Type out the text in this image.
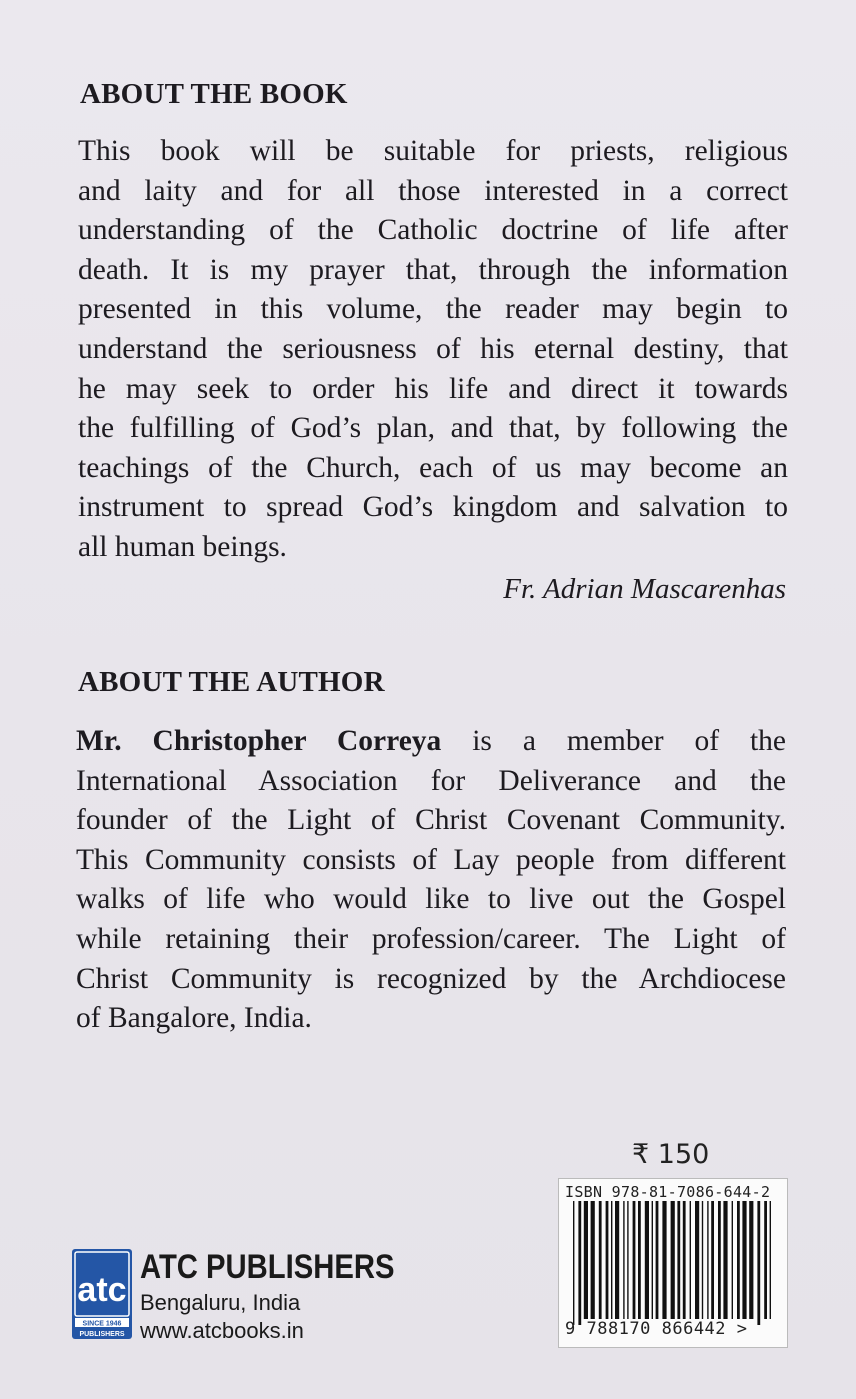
ABOUT THE BOOK
This book will be suitable for priests, religious
and laity and for all those interested in a correct
understanding of the Catholic doctrine of life after
death. It is my prayer that, through the information
presented in this volume, the reader may begin to
understand the seriousness of his eternal destiny, that
he may seek to order his life and direct it towards
the fulfilling of God’s plan, and that, by following the
teachings of the Church, each of us may become an
instrument to spread God’s kingdom and salvation to
all human beings.

Fr. Adrian Mascarenhas

ABOUT THE AUTHOR
Mr. Christopher Correya is a member of the
International Association for Deliverance and the
founder of the Light of Christ Covenant Community.
This Community consists of Lay people from different
walks of life who would like to live out the Gospel
while retaining their profession/career. The Light of
Christ Community is recognized by the Archdiocese
of Bangalore, India.
₹ 150
ISBN 978-81-7086-644-2
9 788170 866442 >
atc
SINCE 1946
PUBLISHERS
ATC PUBLISHERS
Bengaluru, India
www.atcbooks.in
